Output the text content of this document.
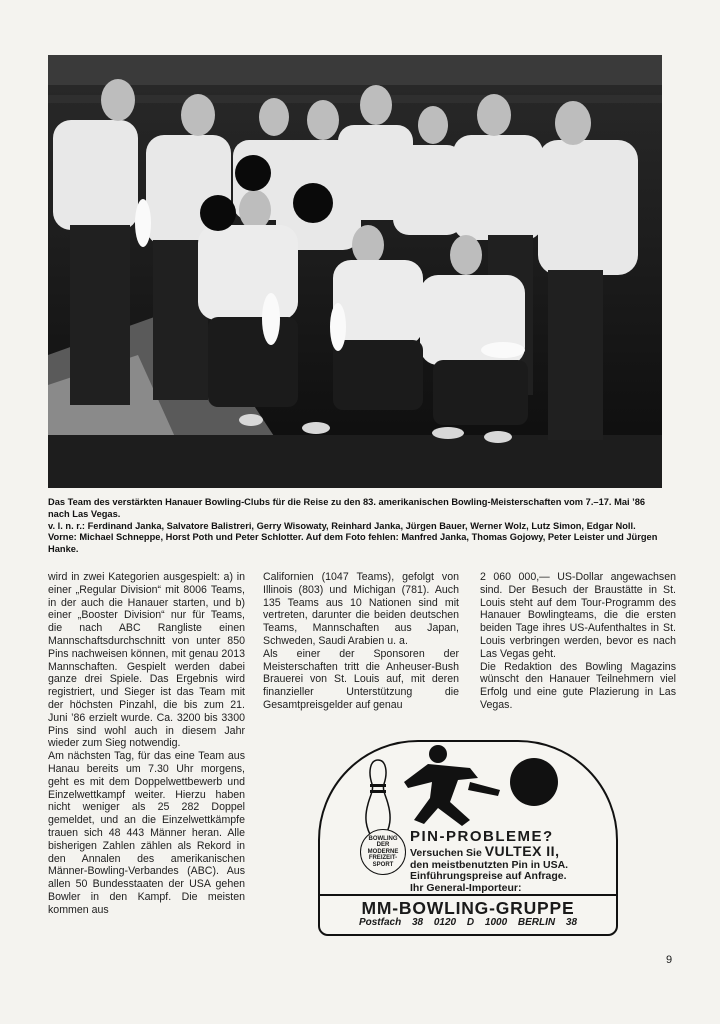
Das Team des verstärkten Hanauer Bowling-Clubs für die Reise zu den 83. amerikanischen Bowling-Meisterschaften vom 7.–17. Mai ’86 nach Las Vegas.

v. l. n. r.: Ferdinand Janka, Salvatore Balistreri, Gerry Wisowaty, Reinhard Janka, Jürgen Bauer, Werner Wolz, Lutz Simon, Edgar Noll. Vorne: Michael Schneppe, Horst Poth und Peter Schlotter. Auf dem Foto fehlen: Manfred Janka, Thomas Gojowy, Peter Leister und Jürgen Hanke.

wird in zwei Kategorien ausgespielt: a) in einer „Regular Division“ mit 8006 Teams, in der auch die Hanauer starten, und b) einer „Booster Division“ nur für Teams, die nach ABC Rangliste einen Mannschaftsdurchschnitt von unter 850 Pins nachweisen können, mit genau 2013 Mannschaften. Gespielt werden dabei ganze drei Spiele. Das Ergebnis wird registriert, und Sieger ist das Team mit der höchsten Pinzahl, die bis zum 21. Juni ’86 erzielt wurde. Ca. 3200 bis 3300 Pins sind wohl auch in diesem Jahr wieder zum Sieg notwendig.

Am nächsten Tag, für das eine Team aus Hanau bereits um 7.30 Uhr morgens, geht es mit dem Doppelwettbewerb und Einzelwettkampf weiter. Hierzu haben nicht weniger als 25 282 Doppel gemeldet, und an die Einzelwettkämpfe trauen sich 48 443 Männer heran. Alle bisherigen Zahlen zählen als Rekord in den Annalen des amerikanischen Männer-Bowling-Verbandes (ABC). Aus allen 50 Bundesstaaten der USA gehen Bowler in den Kampf. Die meisten kommen aus

Californien (1047 Teams), gefolgt von Illinois (803) und Michigan (781). Auch 135 Teams aus 10 Nationen sind mit vertreten, darunter die beiden deutschen Teams, Mannschaften aus Japan, Schweden, Saudi Arabien u. a.

Als einer der Sponsoren der Meisterschaften tritt die Anheuser-Bush Brauerei von St. Louis auf, mit deren finanzieller Unterstützung die Gesamtpreisgelder auf genau

2 060 000,— US-Dollar angewachsen sind. Der Besuch der Braustätte in St. Louis steht auf dem Tour-Programm des Hanauer Bowlingteams, die die ersten beiden Tage ihres US-Aufenthaltes in St. Louis verbringen werden, bevor es nach Las Vegas geht.

Die Redaktion des Bowling Magazins wünscht den Hanauer Teilnehmern viel Erfolg und eine gute Plazierung in Las Vegas.

BOWLING
DER
MODERNE
FREIZEIT-
SPORT
PIN-PROBLEME?

Versuchen Sie VULTEX II,

den meistbenutzten Pin in USA.

Einführungspreise auf Anfrage.

Ihr General-Importeur:

MM-BOWLING-GRUPPE
Postfach 38 0120 D 1000 BERLIN 38
9
